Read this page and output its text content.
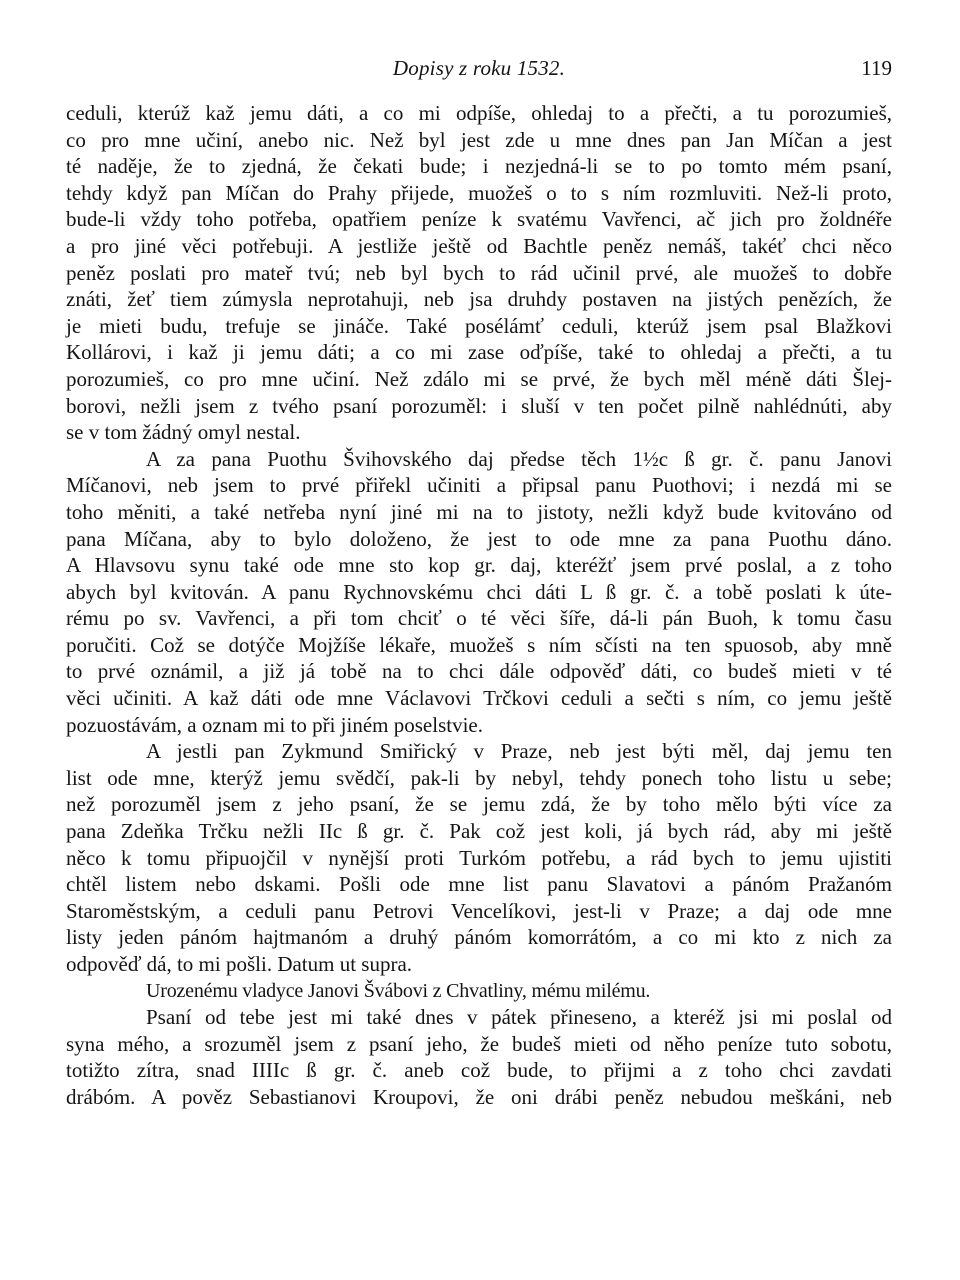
Dopisy z roku 1532.	119

ceduli, kterúž kaž jemu dáti, a co mi odpíše, ohledaj to a přečti, a tu porozumieš,

co pro mne učiní, anebo nic. Než byl jest zde u mne dnes pan Jan Míčan a jest

té naděje, že to zjedná, že čekati bude; i nezjedná-li se to po tomto mém psaní,

tehdy když pan Míčan do Prahy přijede, muožeš o to s ním rozmluviti. Než-li proto,

bude-li vždy toho potřeba, opatřiem peníze k svatému Vavřenci, ač jich pro žoldnéře

a pro jiné věci potřebuji. A jestliže ještě od Bachtle peněz nemáš, takéť chci něco

peněz poslati pro mateř tvú; neb byl bych to rád učinil prvé, ale muožeš to dobře

znáti, žeť tiem zúmysla neprotahuji, neb jsa druhdy postaven na jistých penězích, že

je mieti budu, trefuje se jináče. Také posélámť ceduli, kterúž jsem psal Blažkovi

Kollárovi, i kaž ji jemu dáti; a co mi zase oďpíše, také to ohledaj a přečti, a tu

porozumieš, co pro mne učiní. Než zdálo mi se prvé, že bych měl méně dáti Šlej-

borovi, nežli jsem z tvého psaní porozuměl: i sluší v ten počet pilně nahlédnúti, aby

se v tom žádný omyl nestal.

A za pana Puothu Švihovského daj předse těch 1½c ß gr. č. panu Janovi

Míčanovi, neb jsem to prvé přiřekl učiniti a připsal panu Puothovi; i nezdá mi se

toho měniti, a také netřeba nyní jiné mi na to jistoty, nežli když bude kvitováno od

pana Míčana, aby to bylo doloženo, že jest to ode mne za pana Puothu dáno.

A Hlavsovu synu také ode mne sto kop gr. daj, kteréžť jsem prvé poslal, a z toho

abych byl kvitován. A panu Rychnovskému chci dáti L ß gr. č. a tobě poslati k úte-

rému po sv. Vavřenci, a při tom chciť o té věci šíře, dá-li pán Buoh, k tomu času

poručiti. Což se dotýče Mojžíše lékaře, muožeš s ním sčísti na ten spuosob, aby mně

to prvé oznámil, a již já tobě na to chci dále odpověď dáti, co budeš mieti v té

věci učiniti. A kaž dáti ode mne Václavovi Trčkovi ceduli a sečti s ním, co jemu ještě

pozuostávám, a oznam mi to při jiném poselstvie.

A jestli pan Zykmund Smiřický v Praze, neb jest býti měl, daj jemu ten

list ode mne, kterýž jemu svědčí, pak-li by nebyl, tehdy ponech toho listu u sebe;

než porozuměl jsem z jeho psaní, že se jemu zdá, že by toho mělo býti více za

pana Zdeňka Trčku nežli IIc ß gr. č. Pak což jest koli, já bych rád, aby mi ještě

něco k tomu připuojčil v nynější proti Turkóm potřebu, a rád bych to jemu ujistiti

chtěl listem nebo dskami. Pošli ode mne list panu Slavatovi a pánóm Pražanóm

Staroměstským, a ceduli panu Petrovi Vencelíkovi, jest-li v Praze; a daj ode mne

listy jeden pánóm hajtmanóm a druhý pánóm komorrátóm, a co mi kto z nich za

odpověď dá, to mi pošli. Datum ut supra.

Urozenému vladyce Janovi Švábovi z Chvatliny, mému milému.

Psaní od tebe jest mi také dnes v pátek přineseno, a kteréž jsi mi poslal od

syna mého, a srozuměl jsem z psaní jeho, že budeš mieti od něho peníze tuto sobotu,

totižto zítra, snad IIIIc ß gr. č. aneb což bude, to přijmi a z toho chci zavdati

drábóm. A pověz Sebastianovi Kroupovi, že oni drábi peněz nebudou meškáni, neb
